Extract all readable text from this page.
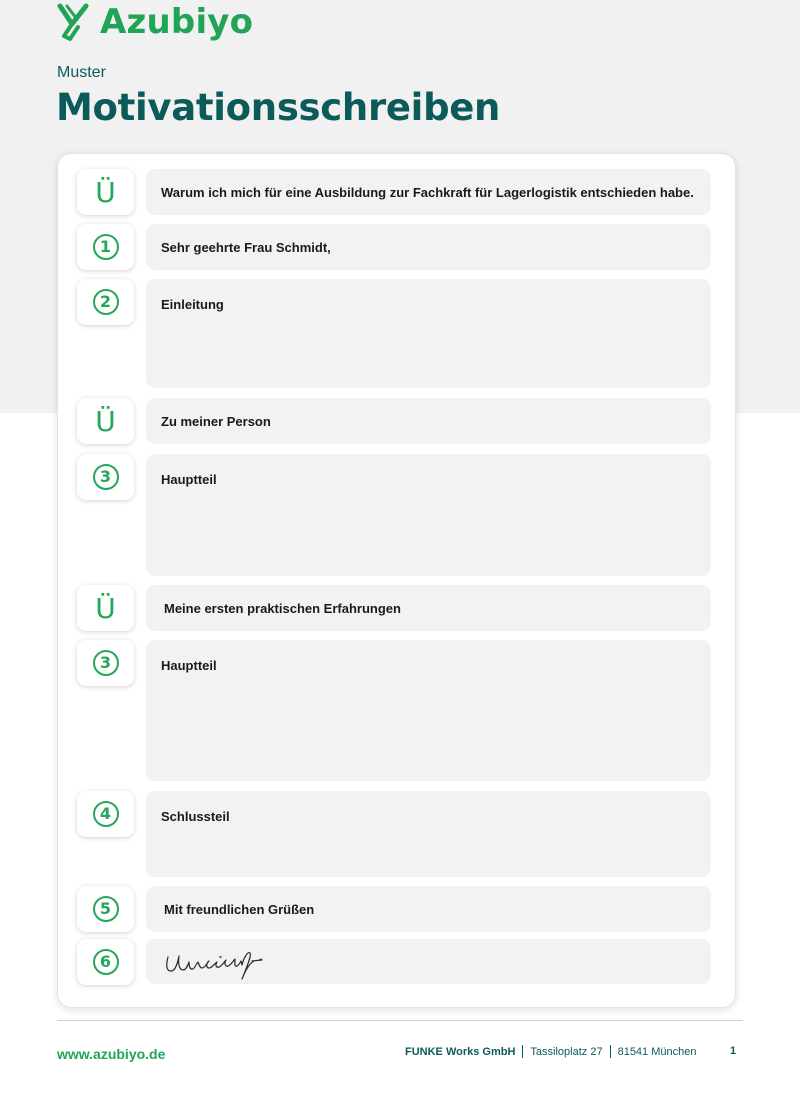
Azubiyo
Muster
Motivationsschreiben
Ü	Warum ich mich für eine Ausbildung zur Fachkraft für Lagerlogistik entschieden habe.
1	Sehr geehrte Frau Schmidt,
2	Einleitung
Ü	Zu meiner Person
3	Hauptteil
Ü	Meine ersten praktischen Erfahrungen
3	Hauptteil
4	Schlussteil
5	Mit freundlichen Grüßen
6
www.azubiyo.de	FUNKE Works GmbH Tassiloplatz 27 81541 München	1
